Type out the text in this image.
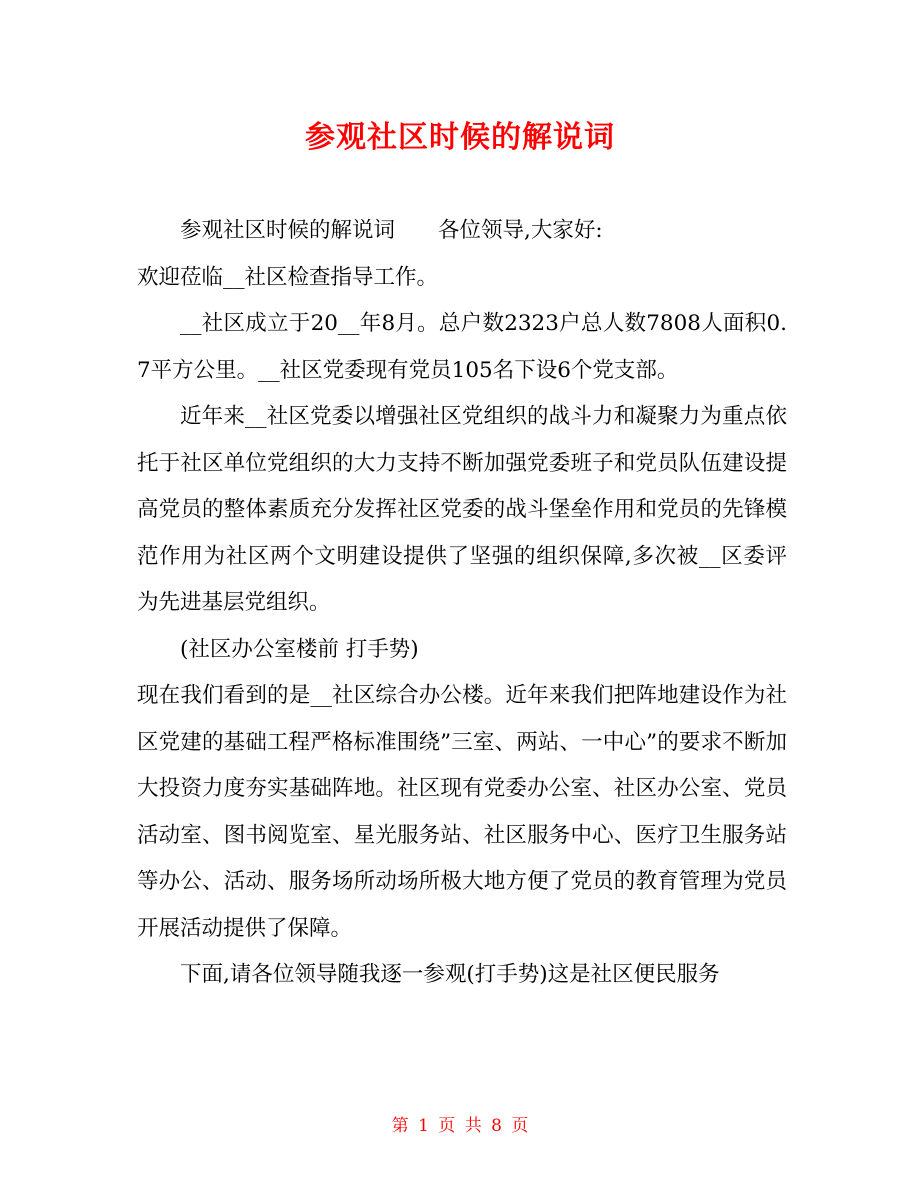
参观社区时候的解说词

参观社区时候的解说词　　各位领导,大家好:

欢迎莅临__社区检查指导工作。

__社区成立于20__年8月。总户数2323户总人数7808人面积0.7平方公里。__社区党委现有党员105名下设6个党支部。

近年来__社区党委以增强社区党组织的战斗力和凝聚力为重点依托于社区单位党组织的大力支持不断加强党委班子和党员队伍建设提高党员的整体素质充分发挥社区党委的战斗堡垒作用和党员的先锋模范作用为社区两个文明建设提供了坚强的组织保障,多次被__区委评为先进基层党组织。

(社区办公室楼前 打手势)

现在我们看到的是__社区综合办公楼。近年来我们把阵地建设作为社区党建的基础工程严格标准围绕”三室、两站、一中心”的要求不断加大投资力度夯实基础阵地。社区现有党委办公室、社区办公室、党员活动室、图书阅览室、星光服务站、社区服务中心、医疗卫生服务站等办公、活动、服务场所动场所极大地方便了党员的教育管理为党员开展活动提供了保障。

下面,请各位领导随我逐一参观(打手势)这是社区便民服务

第 1 页 共 8 页
